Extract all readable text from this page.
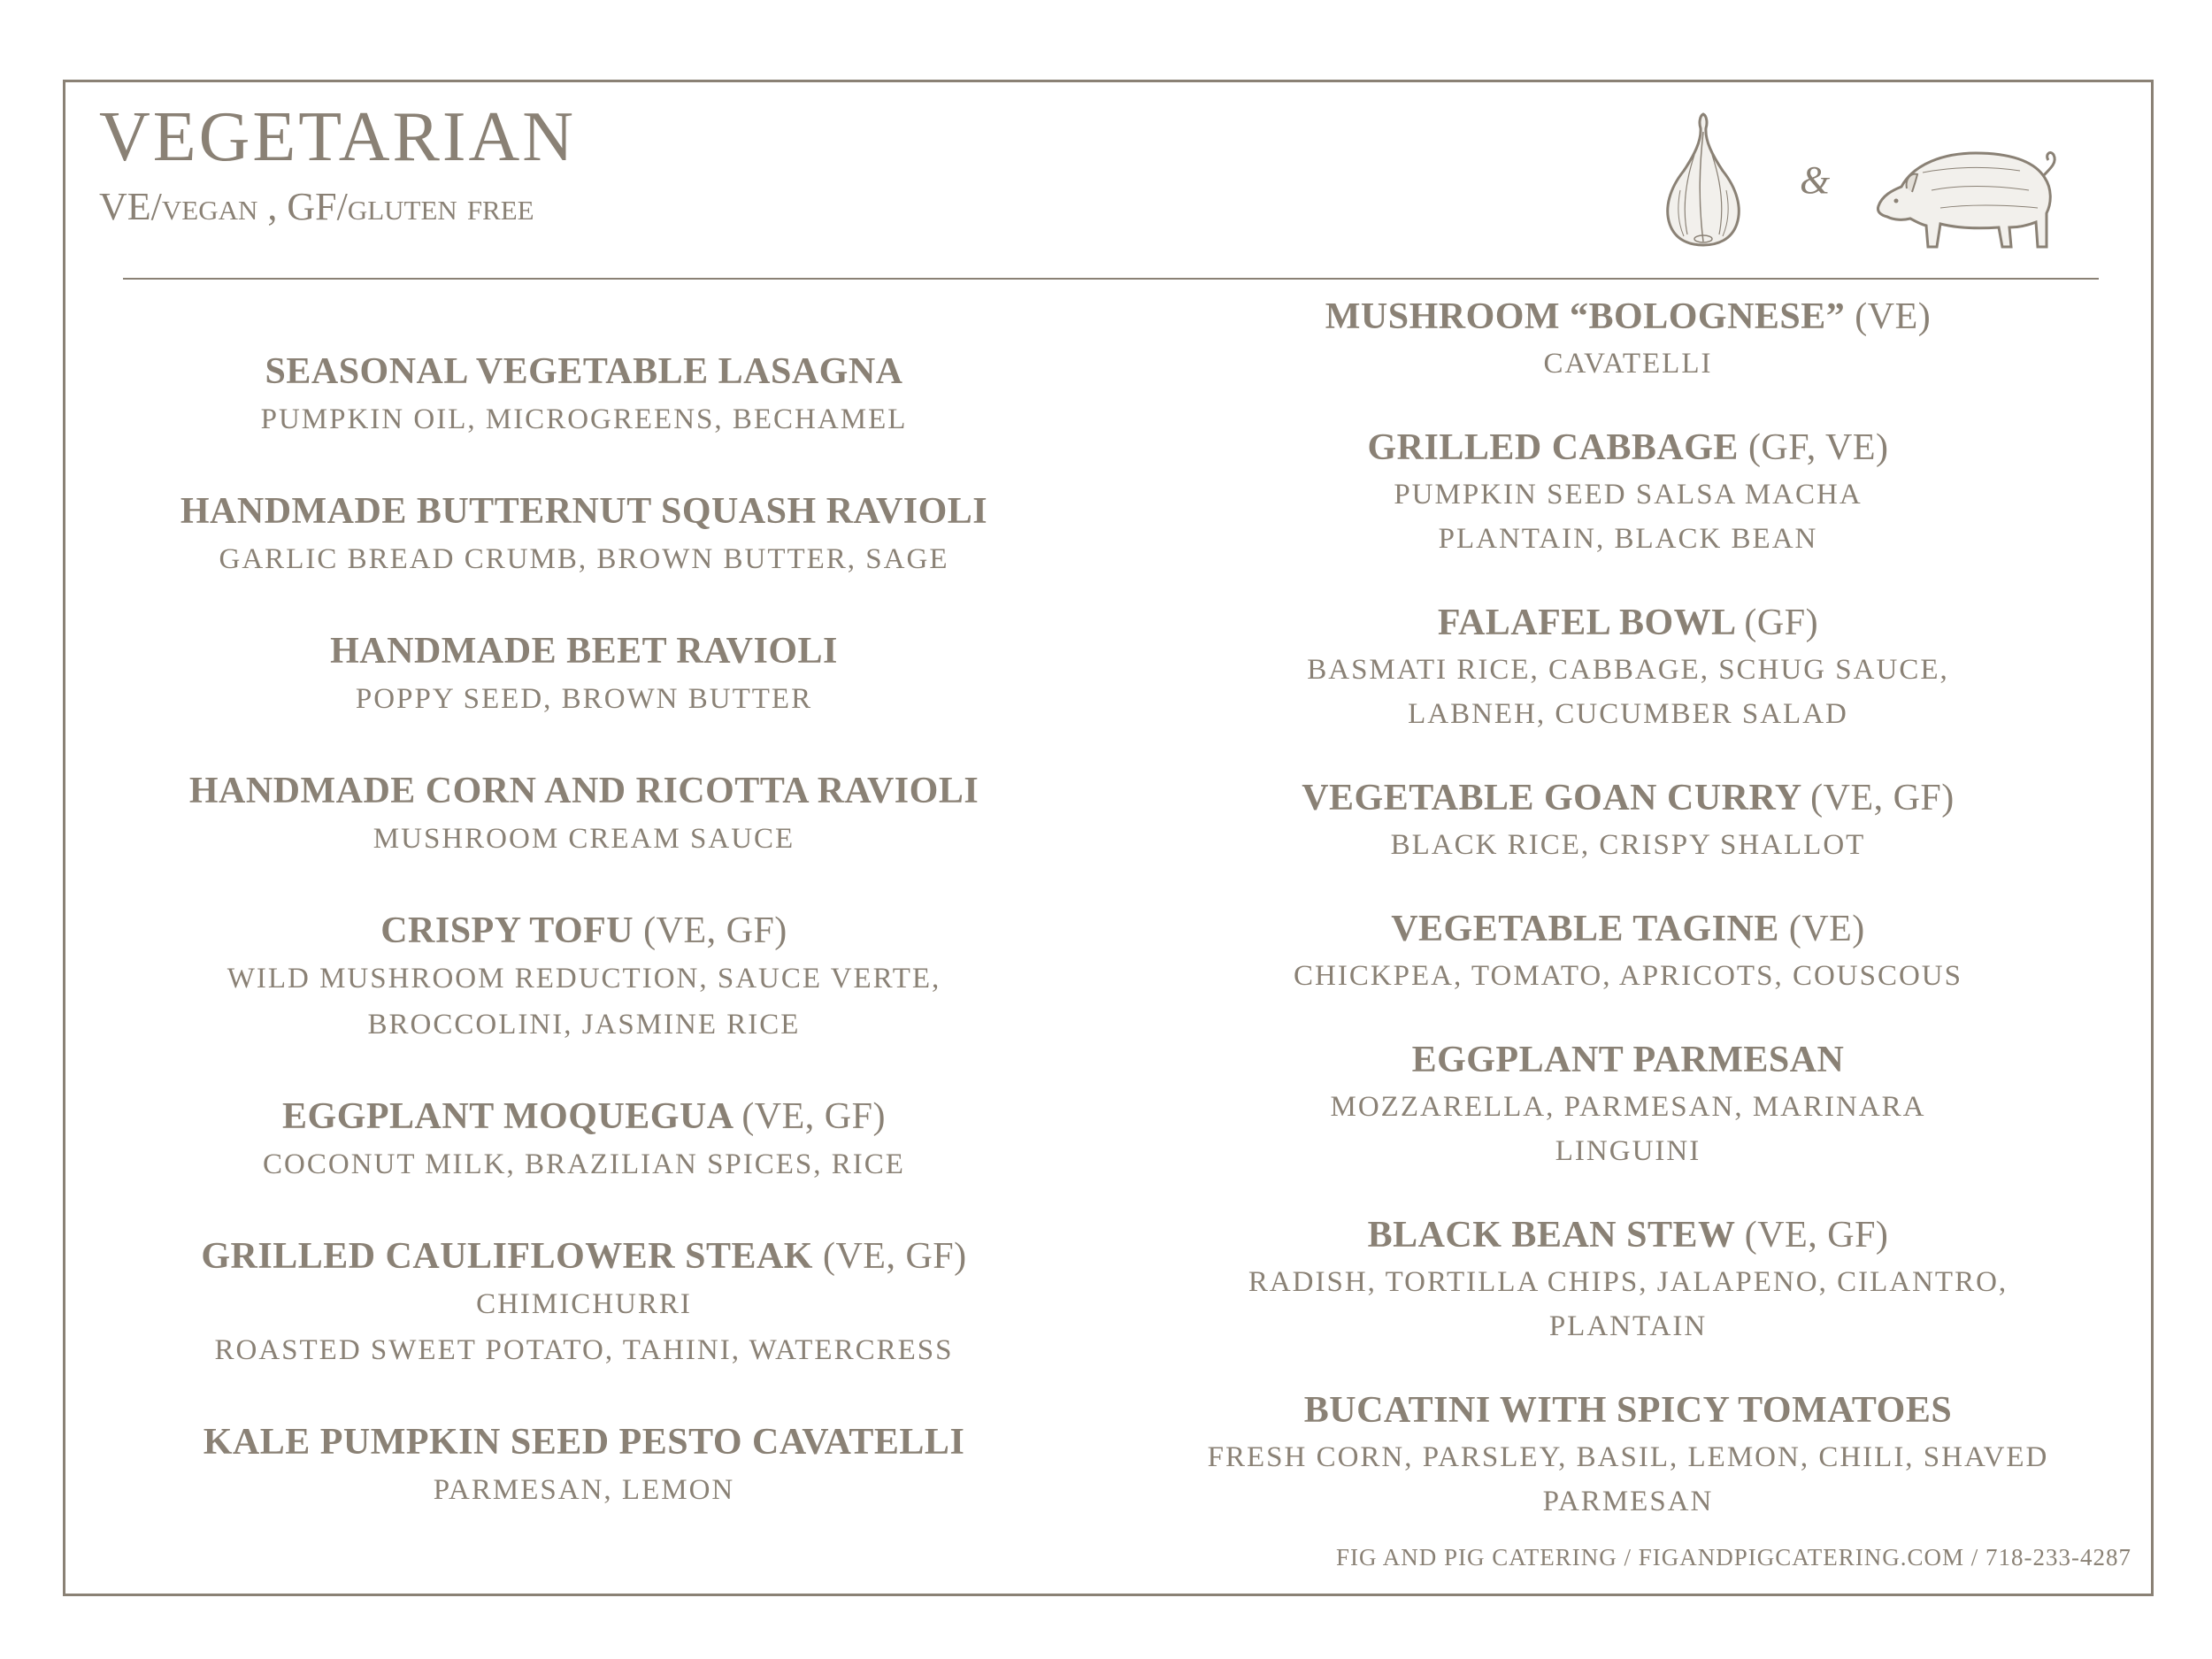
VEGETARIAN
VE/vegan , GF/gluten free
&
SEASONAL VEGETABLE LASAGNA
PUMPKIN OIL, MICROGREENS, BECHAMEL
HANDMADE BUTTERNUT SQUASH RAVIOLI
GARLIC BREAD CRUMB, BROWN BUTTER, SAGE
HANDMADE BEET RAVIOLI
POPPY SEED, BROWN BUTTER
HANDMADE CORN AND RICOTTA RAVIOLI
MUSHROOM CREAM SAUCE
CRISPY TOFU (VE, GF)
WILD MUSHROOM REDUCTION, SAUCE VERTE,
BROCCOLINI, JASMINE RICE
EGGPLANT MOQUEGUA (VE, GF)
COCONUT MILK, BRAZILIAN SPICES, RICE
GRILLED CAULIFLOWER STEAK (VE, GF)
CHIMICHURRI
ROASTED SWEET POTATO, TAHINI, WATERCRESS
KALE PUMPKIN SEED PESTO CAVATELLI
PARMESAN, LEMON
MUSHROOM “BOLOGNESE” (VE)
CAVATELLI
GRILLED CABBAGE (GF, VE)
PUMPKIN SEED SALSA MACHA
PLANTAIN, BLACK BEAN
FALAFEL BOWL (GF)
BASMATI RICE, CABBAGE, SCHUG SAUCE,
LABNEH, CUCUMBER SALAD
VEGETABLE GOAN CURRY (VE, GF)
BLACK RICE, CRISPY SHALLOT
VEGETABLE TAGINE (VE)
CHICKPEA, TOMATO, APRICOTS, COUSCOUS
EGGPLANT PARMESAN
MOZZARELLA, PARMESAN, MARINARA
LINGUINI
BLACK BEAN STEW (VE, GF)
RADISH, TORTILLA CHIPS, JALAPENO, CILANTRO,
PLANTAIN
BUCATINI WITH SPICY TOMATOES
FRESH CORN, PARSLEY, BASIL, LEMON, CHILI, SHAVED PARMESAN
FIG AND PIG CATERING / FIGANDPIGCATERING.COM / 718-233-4287
